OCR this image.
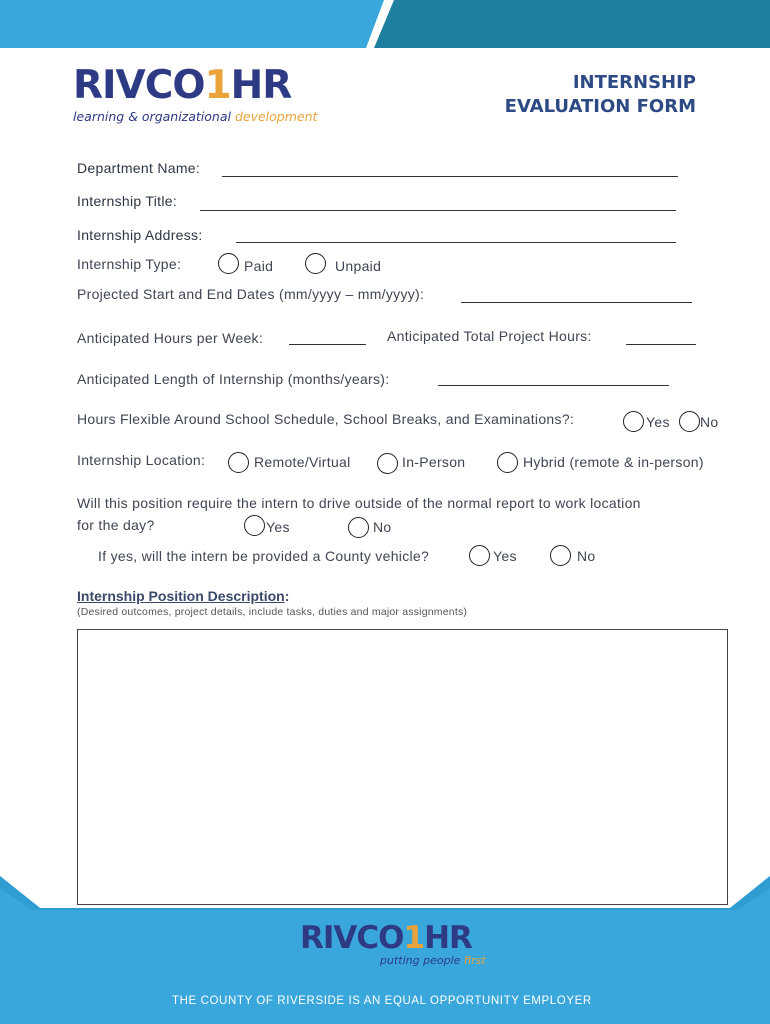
RIVCO1HR
learning & organizational development
INTERNSHIP
EVALUATION FORM
Department Name:
Internship Title:
Internship Address:
Internship Type:	Paid	Unpaid
Projected Start and End Dates (mm/yyyy – mm/yyyy):
Anticipated Hours per Week:	Anticipated Total Project Hours:
Anticipated Length of Internship (months/years):
Hours Flexible Around School Schedule, School Breaks, and Examinations?:	Yes No
Internship Location:	Remote/Virtual	In-Person	Hybrid (remote & in-person)
Will this position require the intern to drive outside of the normal report to work location
for the day?	Yes	No
If yes, will the intern be provided a County vehicle?	Yes	No
Internship Position Description:
(Desired outcomes, project details, include tasks, duties and major assignments)
RIVCO1HR
putting people first
THE COUNTY OF RIVERSIDE IS AN EQUAL OPPORTUNITY EMPLOYER
